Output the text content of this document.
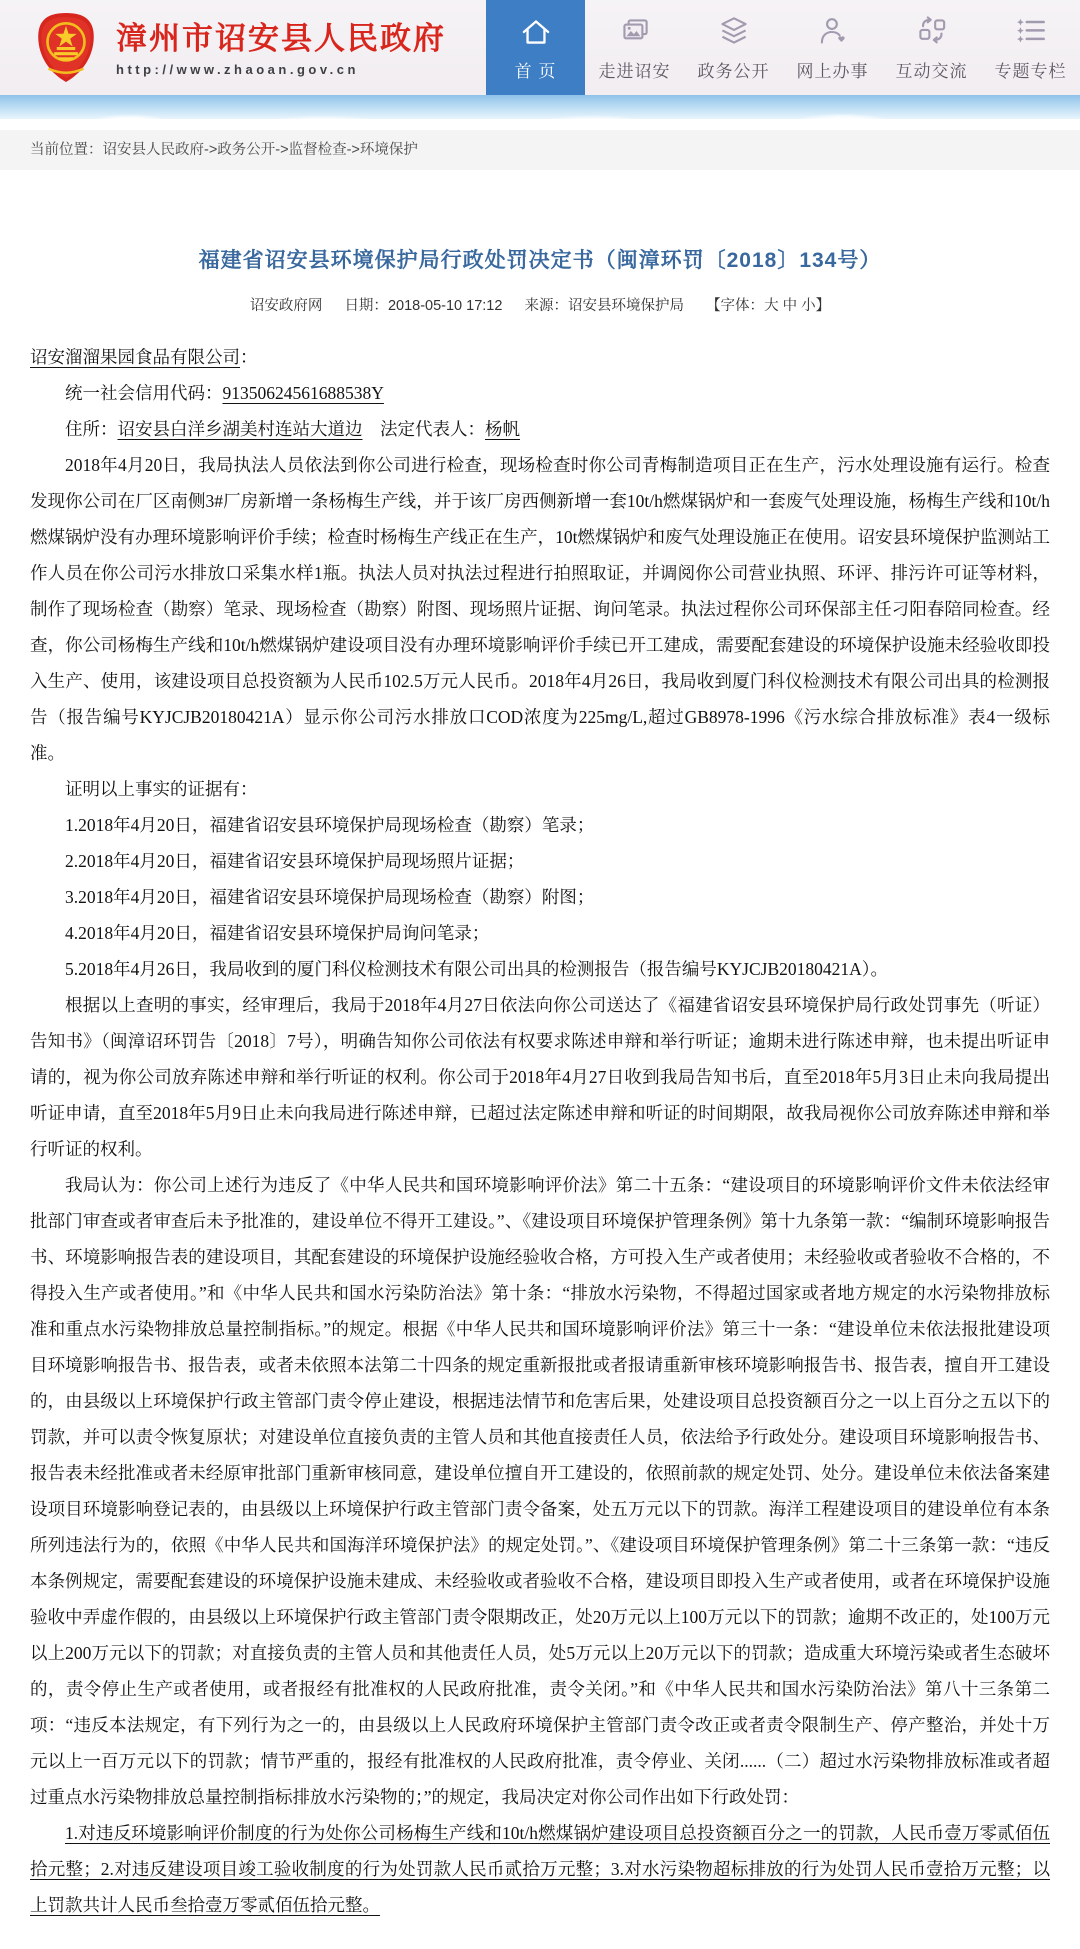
漳州市诏安县人民政府
http://www.zhaoan.gov.cn	首 页 走进诏安 政务公开 网上办事 互动交流 专题专栏
当前位置：诏安县人民政府->政务公开->监督检查->环境保护
福建省诏安县环境保护局行政处罚决定书（闽漳环罚〔2018〕134号）
诏安政府网 日期：2018-05-10 17:12 来源：诏安县环境保护局 【字体：大 中 小】

诏安溜溜果园食品有限公司：

统一社会信用代码：91350624561688538Y

住所：诏安县白洋乡湖美村连站大道边　法定代表人：杨帆

2018年4月20日，我局执法人员依法到你公司进行检查，现场检查时你公司青梅制造项目正在生产，污水处理设施有运行。检查发现你公司在厂区南侧3#厂房新增一条杨梅生产线，并于该厂房西侧新增一套10t/h燃煤锅炉和一套废气处理设施，杨梅生产线和10t/h燃煤锅炉没有办理环境影响评价手续；检查时杨梅生产线正在生产，10t燃煤锅炉和废气处理设施正在使用。诏安县环境保护监测站工作人员在你公司污水排放口采集水样1瓶。执法人员对执法过程进行拍照取证，并调阅你公司营业执照、环评、排污许可证等材料，制作了现场检查（勘察）笔录、现场检查（勘察）附图、现场照片证据、询问笔录。执法过程你公司环保部主任刁阳春陪同检查。经查，你公司杨梅生产线和10t/h燃煤锅炉建设项目没有办理环境影响评价手续已开工建成，需要配套建设的环境保护设施未经验收即投入生产、使用，该建设项目总投资额为人民币102.5万元人民币。2018年4月26日，我局收到厦门科仪检测技术有限公司出具的检测报告（报告编号KYJCJB20180421A）显示你公司污水排放口COD浓度为225mg/L,超过GB8978-1996《污水综合排放标准》表4一级标准。

证明以上事实的证据有：

1.2018年4月20日，福建省诏安县环境保护局现场检查（勘察）笔录；

2.2018年4月20日，福建省诏安县环境保护局现场照片证据；

3.2018年4月20日，福建省诏安县环境保护局现场检查（勘察）附图；

4.2018年4月20日，福建省诏安县环境保护局询问笔录；

5.2018年4月26日，我局收到的厦门科仪检测技术有限公司出具的检测报告（报告编号KYJCJB20180421A）。

根据以上查明的事实，经审理后，我局于2018年4月27日依法向你公司送达了《福建省诏安县环境保护局行政处罚事先（听证）告知书》（闽漳诏环罚告〔2018〕7号），明确告知你公司依法有权要求陈述申辩和举行听证；逾期未进行陈述申辩，也未提出听证申请的，视为你公司放弃陈述申辩和举行听证的权利。你公司于2018年4月27日收到我局告知书后，直至2018年5月3日止未向我局提出听证申请，直至2018年5月9日止未向我局进行陈述申辩，已超过法定陈述申辩和听证的时间期限，故我局视你公司放弃陈述申辩和举行听证的权利。

我局认为：你公司上述行为违反了《中华人民共和国环境影响评价法》第二十五条：“建设项目的环境影响评价文件未依法经审批部门审查或者审查后未予批准的，建设单位不得开工建设。”、《建设项目环境保护管理条例》第十九条第一款：“编制环境影响报告书、环境影响报告表的建设项目，其配套建设的环境保护设施经验收合格，方可投入生产或者使用；未经验收或者验收不合格的，不得投入生产或者使用。”和《中华人民共和国水污染防治法》第十条：“排放水污染物，不得超过国家或者地方规定的水污染物排放标准和重点水污染物排放总量控制指标。”的规定。根据《中华人民共和国环境影响评价法》第三十一条：“建设单位未依法报批建设项目环境影响报告书、报告表，或者未依照本法第二十四条的规定重新报批或者报请重新审核环境影响报告书、报告表，擅自开工建设的，由县级以上环境保护行政主管部门责令停止建设，根据违法情节和危害后果，处建设项目总投资额百分之一以上百分之五以下的罚款，并可以责令恢复原状；对建设单位直接负责的主管人员和其他直接责任人员，依法给予行政处分。建设项目环境影响报告书、报告表未经批准或者未经原审批部门重新审核同意，建设单位擅自开工建设的，依照前款的规定处罚、处分。建设单位未依法备案建设项目环境影响登记表的，由县级以上环境保护行政主管部门责令备案，处五万元以下的罚款。海洋工程建设项目的建设单位有本条所列违法行为的，依照《中华人民共和国海洋环境保护法》的规定处罚。”、《建设项目环境保护管理条例》第二十三条第一款：“违反本条例规定，需要配套建设的环境保护设施未建成、未经验收或者验收不合格，建设项目即投入生产或者使用，或者在环境保护设施验收中弄虚作假的，由县级以上环境保护行政主管部门责令限期改正，处20万元以上100万元以下的罚款；逾期不改正的，处100万元以上200万元以下的罚款；对直接负责的主管人员和其他责任人员，处5万元以上20万元以下的罚款；造成重大环境污染或者生态破坏的，责令停止生产或者使用，或者报经有批准权的人民政府批准，责令关闭。”和《中华人民共和国水污染防治法》第八十三条第二项：“违反本法规定，有下列行为之一的，由县级以上人民政府环境保护主管部门责令改正或者责令限制生产、停产整治，并处十万元以上一百万元以下的罚款；情节严重的，报经有批准权的人民政府批准，责令停业、关闭......（二）超过水污染物排放标准或者超过重点水污染物排放总量控制指标排放水污染物的；”的规定，我局决定对你公司作出如下行政处罚：

1.对违反环境影响评价制度的行为处你公司杨梅生产线和10t/h燃煤锅炉建设项目总投资额百分之一的罚款，人民币壹万零贰佰伍拾元整；2.对违反建设项目竣工验收制度的行为处罚款人民币贰拾万元整；3.对水污染物超标排放的行为处罚人民币壹拾万元整；以上罚款共计人民币叁拾壹万零贰佰伍拾元整。
